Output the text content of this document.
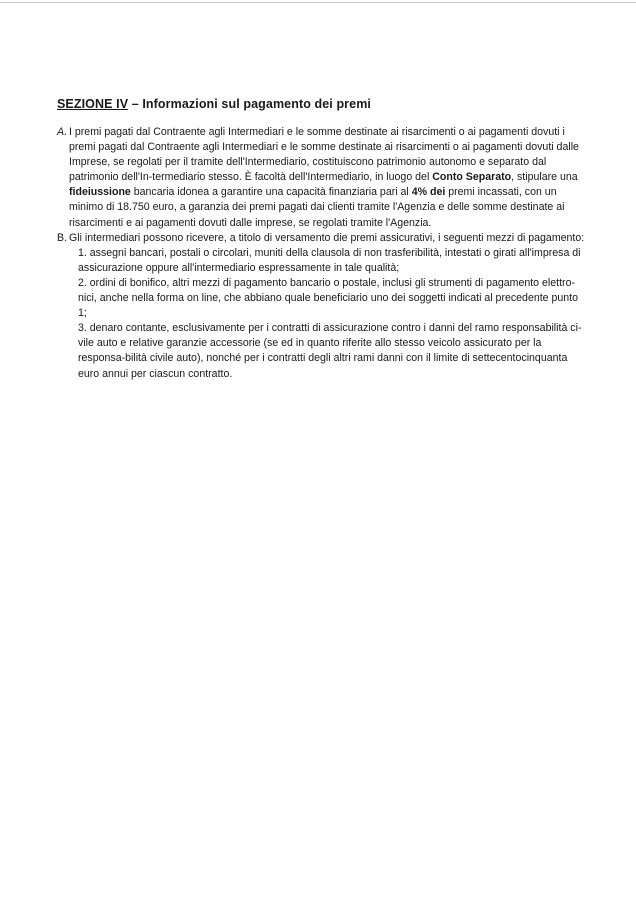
SEZIONE IV – Informazioni sul pagamento dei premi
A. I premi pagati dal Contraente agli Intermediari e le somme destinate ai risarcimenti o ai pagamenti dovuti i premi pagati dal Contraente agli Intermediari e le somme destinate ai risarcimenti o ai pagamenti dovuti dalle Imprese, se regolati per il tramite dell'Intermediario, costituiscono patrimonio autonomo e separato dal patrimonio dell'In-termediario stesso. È facoltà dell'Intermediario, in luogo del Conto Separato, stipulare una fideiussione bancaria idonea a garantire una capacità finanziaria pari al 4% dei premi incassati, con un minimo di 18.750 euro, a garanzia dei premi pagati dai clienti tramite l'Agenzia e delle somme destinate ai risarcimenti e ai pagamenti dovuti dalle imprese, se regolati tramite l'Agenzia.

B. Gli intermediari possono ricevere, a titolo di versamento die premi assicurativi, i seguenti mezzi di pagamento:

1. assegni bancari, postali o circolari, muniti della clausola di non trasferibilità, intestati o girati all'impresa di assicurazione oppure all'intermediario espressamente in tale qualità;

2. ordini di bonifico, altri mezzi di pagamento bancario o postale, inclusi gli strumenti di pagamento elettro-nici, anche nella forma on line, che abbiano quale beneficiario uno dei soggetti indicati al precedente punto 1;

3. denaro contante, esclusivamente per i contratti di assicurazione contro i danni del ramo responsabilità ci-vile auto e relative garanzie accessorie (se ed in quanto riferite allo stesso veicolo assicurato per la responsa-bilità civile auto), nonché per i contratti degli altri rami danni con il limite di settecentocinquanta euro annui per ciascun contratto.
